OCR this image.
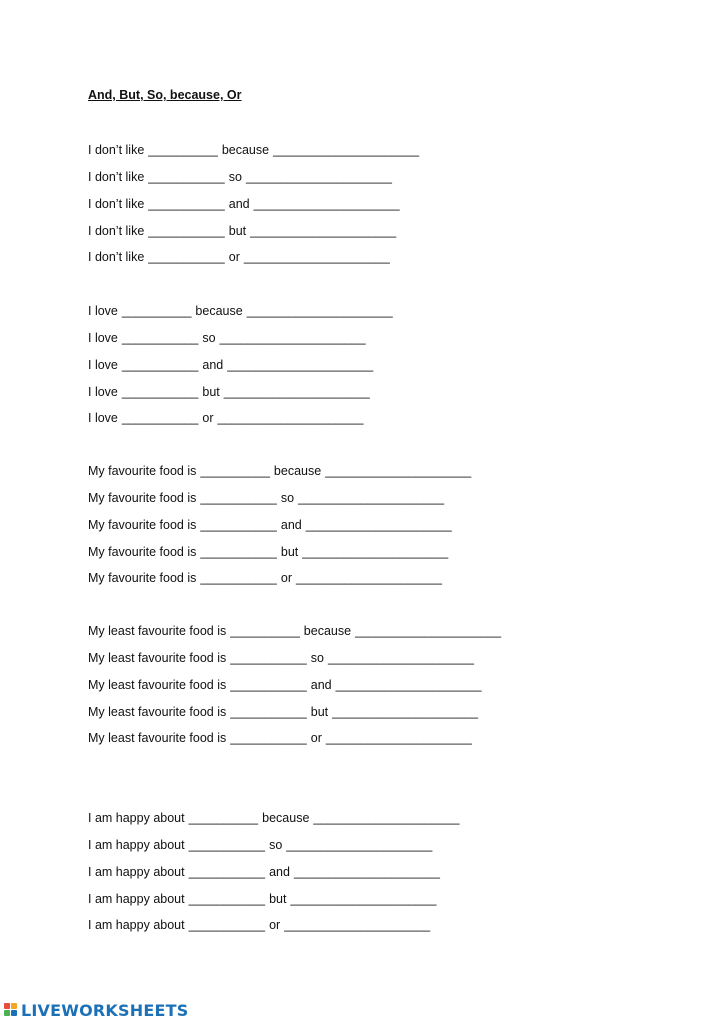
And, But, So, because, Or
I don’t like __________ because _____________________
I don’t like ___________ so _____________________
I don’t like ___________ and _____________________
I don’t like ___________ but _____________________
I don’t like ___________ or _____________________
I love __________ because _____________________
I love ___________ so _____________________
I love ___________ and _____________________
I love ___________ but _____________________
I love ___________ or _____________________
My favourite food is __________ because _____________________
My favourite food is ___________ so _____________________
My favourite food is ___________ and _____________________
My favourite food is ___________ but _____________________
My favourite food is ___________ or _____________________
My least favourite food is __________ because _____________________
My least favourite food is ___________ so _____________________
My least favourite food is ___________ and _____________________
My least favourite food is ___________ but _____________________
My least favourite food is ___________ or _____________________
I am happy about __________ because _____________________
I am happy about ___________ so _____________________
I am happy about ___________ and _____________________
I am happy about ___________ but _____________________
I am happy about ___________ or _____________________
LIVEWORKSHEETS
